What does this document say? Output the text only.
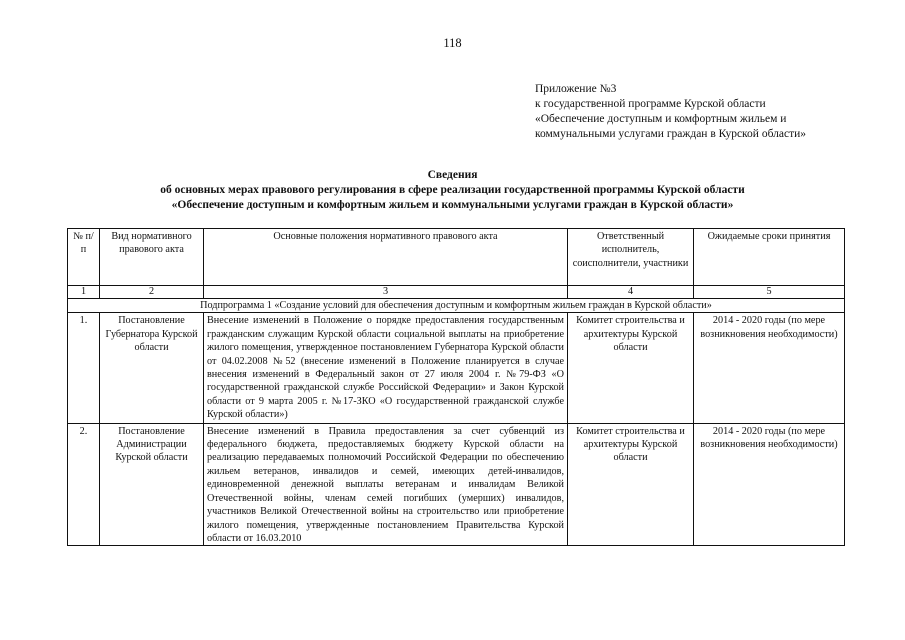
118
Приложение №3
к государственной программе Курской области
«Обеспечение доступным и комфортным жильем и
коммунальными услугами граждан в Курской области»
Сведения
об основных мерах правового регулирования в сфере реализации государственной программы Курской области
«Обеспечение доступным и комфортным жильем и коммунальными услугами граждан в Курской области»
№ п/п	Вид нормативного правового акта	Основные положения нормативного правового акта	Ответственный исполнитель, соисполнители, участники	Ожидаемые сроки принятия
1	2	3	4	5
Подпрограмма 1 «Создание условий для обеспечения доступным и комфортным жильем граждан в Курской области»				
1.	Постановление Губернатора Курской области	Внесение изменений в Положение о порядке предоставления государственным гражданским служащим Курской области социальной выплаты на приобретение жилого помещения, утвержденное постановлением Губернатора Курской области от 04.02.2008 №52 (внесение изменений в Положение планируется в случае внесения изменений в Федеральный закон от 27 июля 2004 г. №79-ФЗ «О государственной гражданской службе Российской Федерации» и Закон Курской области от 9 марта 2005 г. №17-ЗКО «О государственной гражданской службе Курской области»)	Комитет строительства и архитектуры Курской области	2014 - 2020 годы (по мере возникновения необходимости)
2.	Постановление Администрации Курской области	Внесение изменений в Правила предоставления за счет субвенций из федерального бюджета, предоставляемых бюджету Курской области на реализацию передаваемых полномочий Российской Федерации по обеспечению жильем ветеранов, инвалидов и семей, имеющих детей-инвалидов, единовременной денежной выплаты ветеранам и инвалидам Великой Отечественной войны, членам семей погибших (умерших) инвалидов, участников Великой Отечественной войны на строительство или приобретение жилого помещения, утвержденные постановлением Правительства Курской области от 16.03.2010	Комитет строительства и архитектуры Курской области	2014 - 2020 годы (по мере возникновения необходимости)
